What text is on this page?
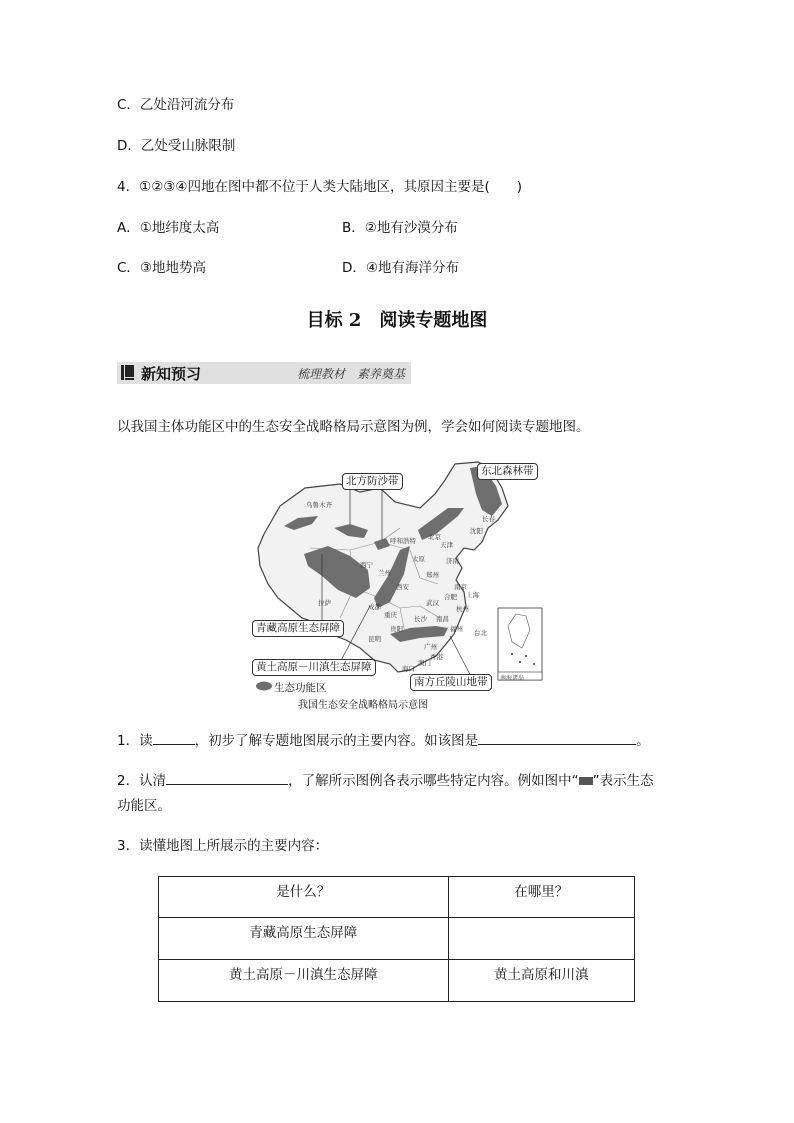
C．乙处沿河流分布
D．乙处受山脉限制
4．①②③④四地在图中都不位于人类大陆地区，其原因主要是(　　)
A．①地纬度太高	B．②地有沙漠分布
C．③地地势高	D．④地有海洋分布
目标 2　阅读专题地图
新知预习	梳理教材　素养奠基
以我国主体功能区中的生态安全战略格局示意图为例，学会如何阅读专题地图。
东北森林带
北方防沙带
青藏高原生态屏障
黄土高原－川滇生态屏障
南方丘陵山地带
生态功能区
南海诸岛
我国生态安全战略格局示意图
乌鲁木齐
呼和浩特 北京
天津
长春
沈阳
西宁
兰州
太原	济南
郑州
西安	南京
上海
合肥
武汉
杭州
拉萨	成都
重庆	长沙 南昌
贵阳
昆明
福州 台北
广州
香港
澳门
海口
1．读	，初步了解专题地图展示的主要内容。如该图是	。
2．认清	，了解所示图例各表示哪些特定内容。例如图中“ ”表示生态
功能区。
3．读懂地图上所展示的主要内容：
是什么？	在哪里？
青藏高原生态屏障	
黄土高原－川滇生态屏障	黄土高原和川滇
